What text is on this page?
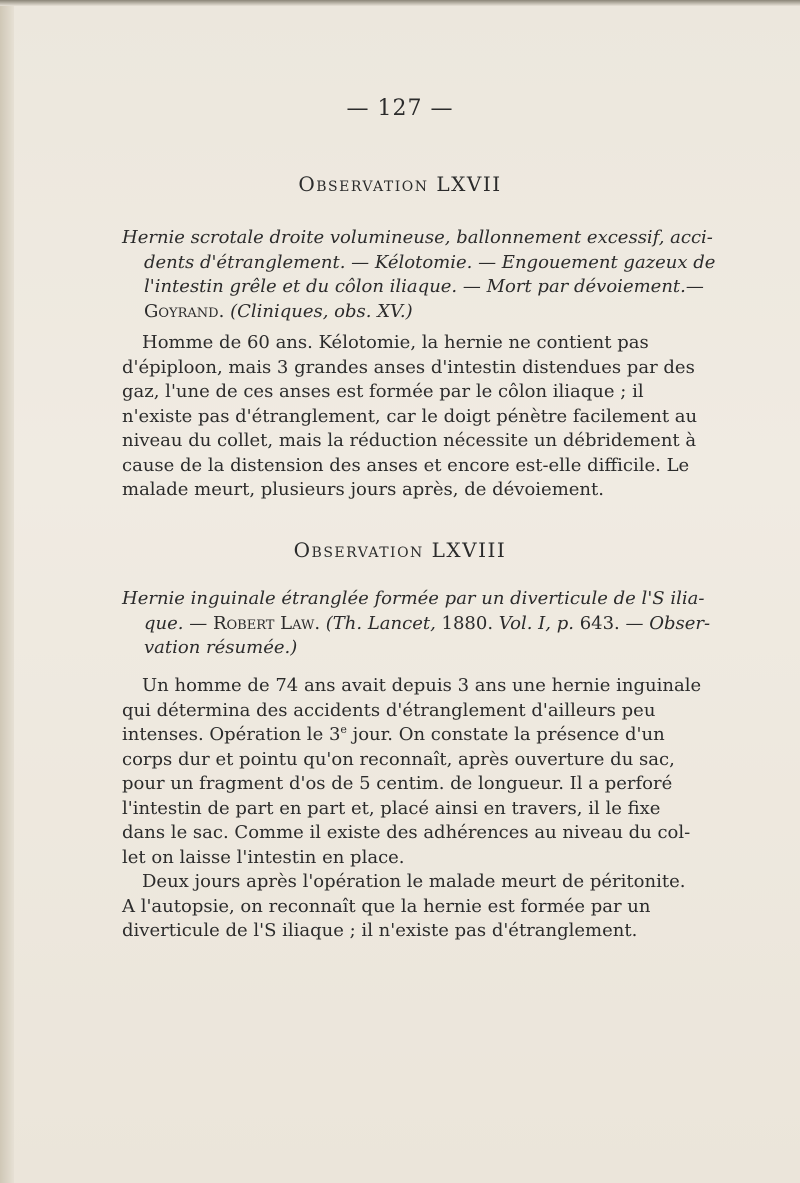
— 127 —
Observation LXVII
Hernie scrotale droite volumineuse, ballonnement excessif, acci-
dents d'étranglement. — Kélotomie. — Engouement gazeux de
l'intestin grêle et du côlon iliaque. — Mort par dévoiement.—
Goyrand. (Cliniques, obs. XV.)
Homme de 60 ans. Kélotomie, la hernie ne contient pas
d'épiploon, mais 3 grandes anses d'intestin distendues par des
gaz, l'une de ces anses est formée par le côlon iliaque ; il
n'existe pas d'étranglement, car le doigt pénètre facilement au
niveau du collet, mais la réduction nécessite un débridement à
cause de la distension des anses et encore est-elle difficile. Le
malade meurt, plusieurs jours après, de dévoiement.
Observation LXVIII
Hernie inguinale étranglée formée par un diverticule de l'S ilia-
que. — Robert Law. (Th. Lancet, 1880. Vol. I, p. 643. — Obser-
vation résumée.)
Un homme de 74 ans avait depuis 3 ans une hernie inguinale
qui détermina des accidents d'étranglement d'ailleurs peu
intenses. Opération le 3e jour. On constate la présence d'un
corps dur et pointu qu'on reconnaît, après ouverture du sac,
pour un fragment d'os de 5 centim. de longueur. Il a perforé
l'intestin de part en part et, placé ainsi en travers, il le fixe
dans le sac. Comme il existe des adhérences au niveau du col-
let on laisse l'intestin en place.
Deux jours après l'opération le malade meurt de péritonite.
A l'autopsie, on reconnaît que la hernie est formée par un
diverticule de l'S iliaque ; il n'existe pas d'étranglement.
